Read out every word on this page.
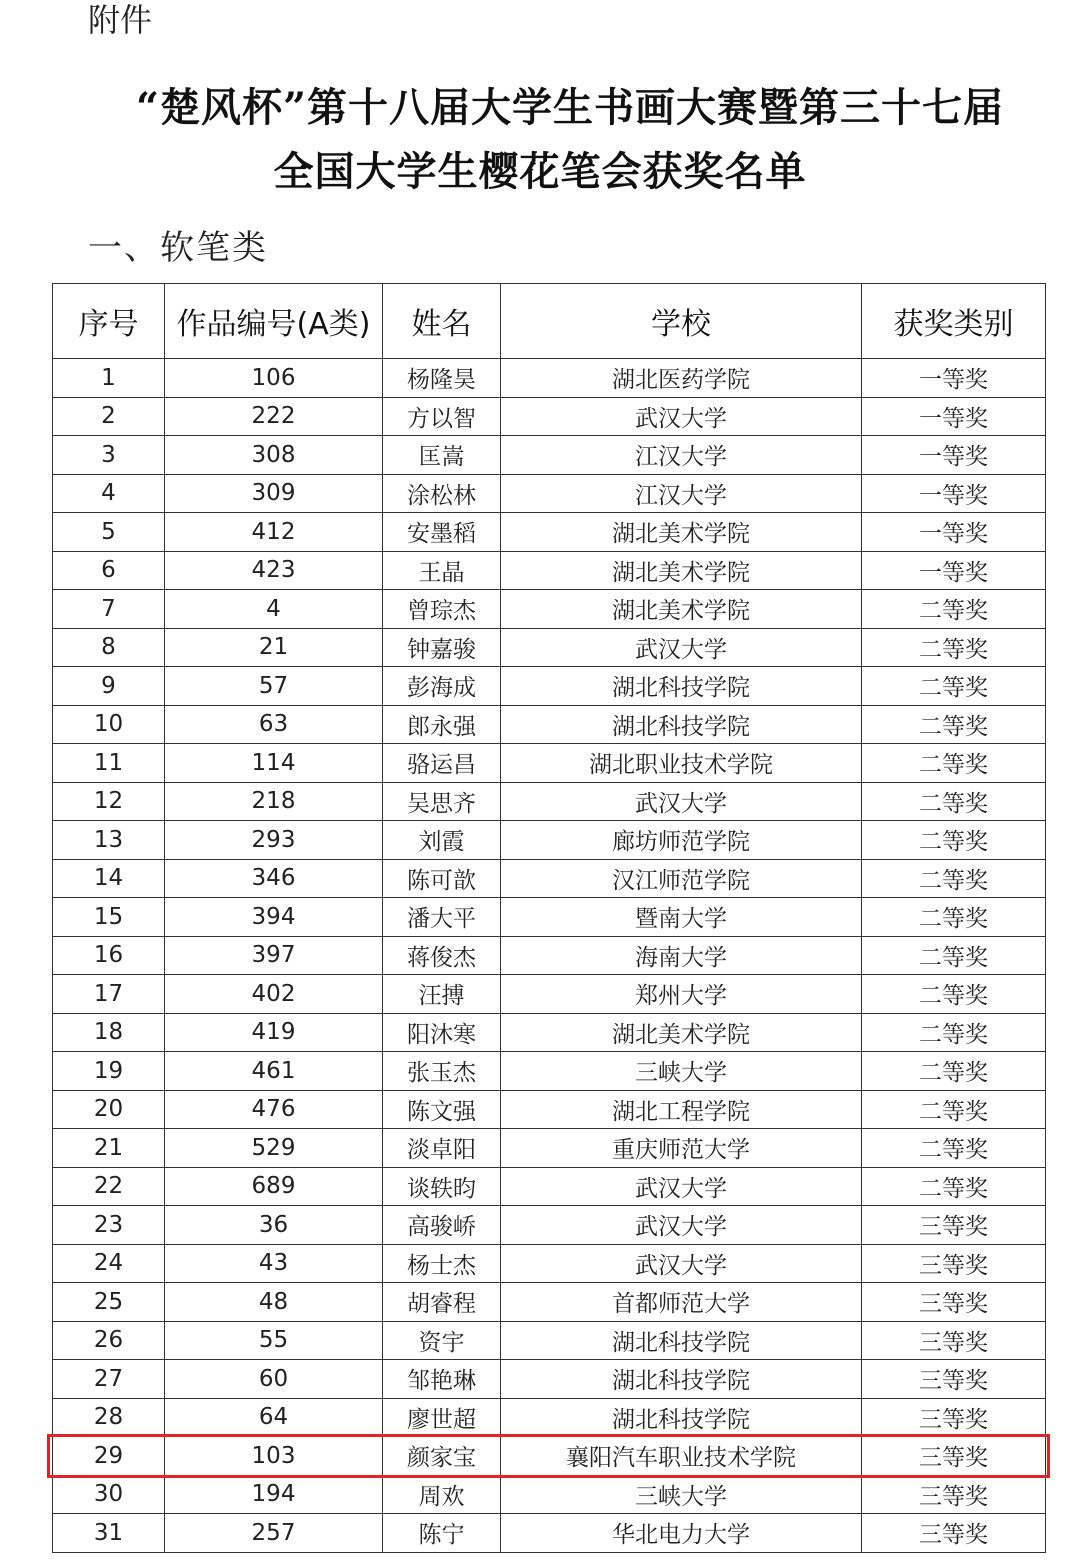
附件
“楚风杯”第十八届大学生书画大赛暨第三十七届
全国大学生樱花笔会获奖名单
一、软笔类
序号	作品编号(A类)	姓名	学校	获奖类别
1	106	杨隆昊	湖北医药学院	一等奖
2	222	方以智	武汉大学	一等奖
3	308	匡嵩	江汉大学	一等奖
4	309	涂松林	江汉大学	一等奖
5	412	安墨稻	湖北美术学院	一等奖
6	423	王晶	湖北美术学院	一等奖
7	4	曾琮杰	湖北美术学院	二等奖
8	21	钟嘉骏	武汉大学	二等奖
9	57	彭海成	湖北科技学院	二等奖
10	63	郎永强	湖北科技学院	二等奖
11	114	骆运昌	湖北职业技术学院	二等奖
12	218	吴思齐	武汉大学	二等奖
13	293	刘霞	廊坊师范学院	二等奖
14	346	陈可歆	汉江师范学院	二等奖
15	394	潘大平	暨南大学	二等奖
16	397	蒋俊杰	海南大学	二等奖
17	402	汪搏	郑州大学	二等奖
18	419	阳沐寒	湖北美术学院	二等奖
19	461	张玉杰	三峡大学	二等奖
20	476	陈文强	湖北工程学院	二等奖
21	529	淡卓阳	重庆师范大学	二等奖
22	689	谈轶昀	武汉大学	二等奖
23	36	高骏峤	武汉大学	三等奖
24	43	杨士杰	武汉大学	三等奖
25	48	胡睿程	首都师范大学	三等奖
26	55	资宇	湖北科技学院	三等奖
27	60	邹艳琳	湖北科技学院	三等奖
28	64	廖世超	湖北科技学院	三等奖
29	103	颜家宝	襄阳汽车职业技术学院	三等奖
30	194	周欢	三峡大学	三等奖
31	257	陈宁	华北电力大学	三等奖
